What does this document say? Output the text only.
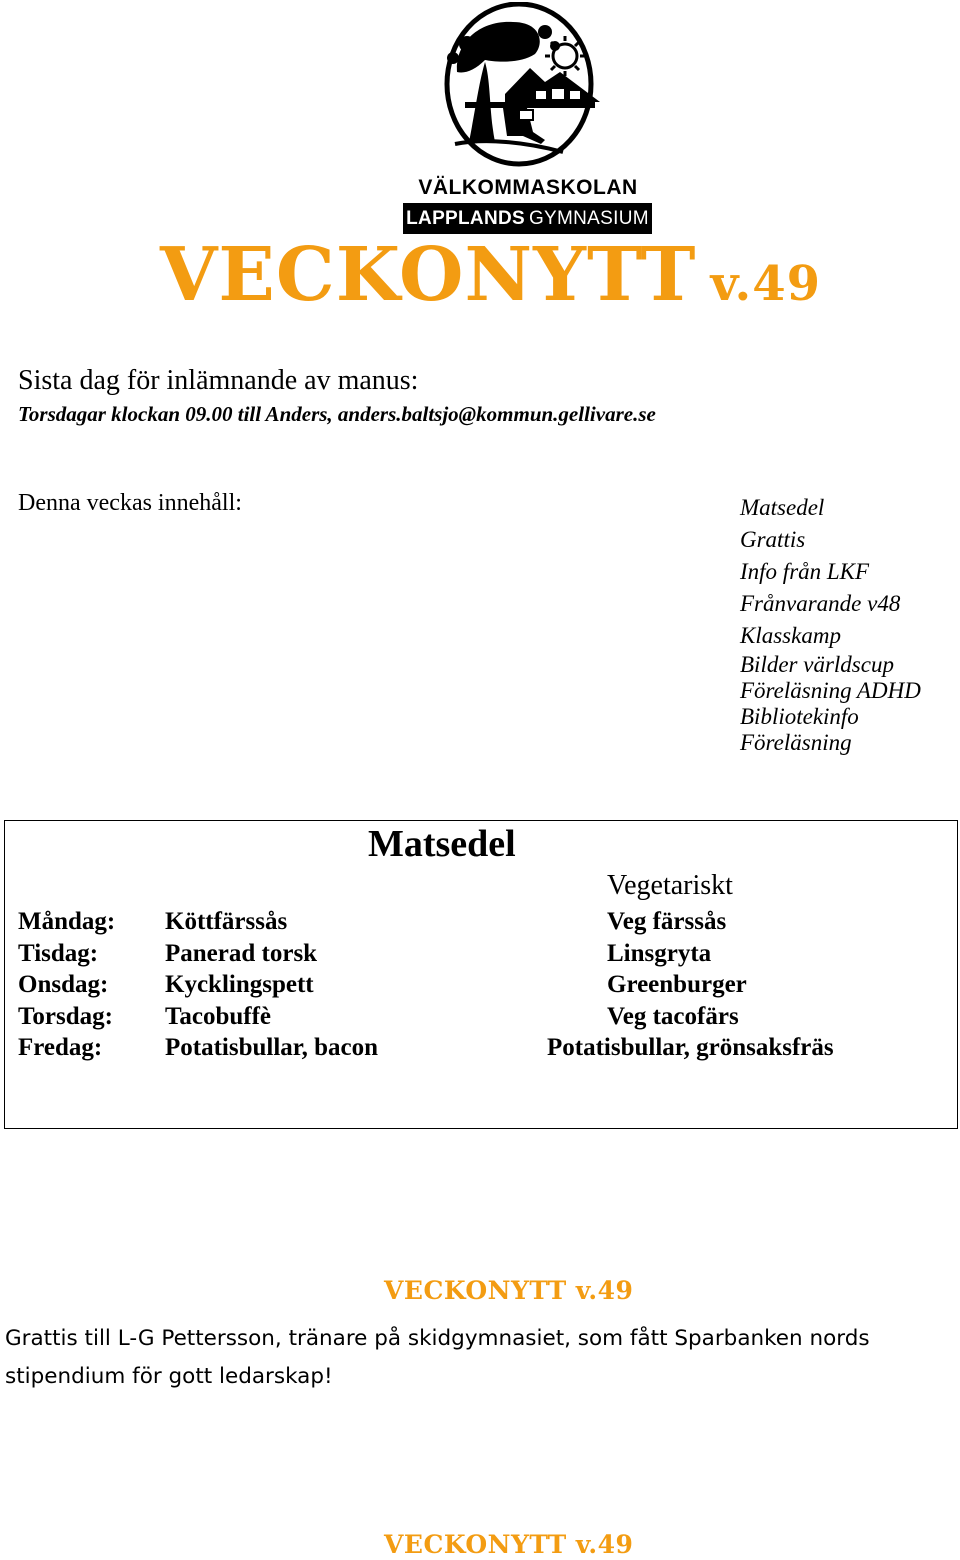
VÄLKOMMASKOLAN
LAPPLANDS GYMNASIUM
VECKONYTT v.49
Sista dag för inlämnande av manus:
Torsdagar klockan 09.00 till Anders, anders.baltsjo@kommun.gellivare.se
Denna veckas innehåll:	Matsedel
Grattis
Info från LKF
Frånvarande v48
Klasskamp
Bilder världscup
Föreläsning ADHD
Bibliotekinfo
Föreläsning
Matsedel
Vegetariskt
Måndag: Köttfärssås	Veg färssås
Tisdag:	Panerad torsk	Linsgryta
Onsdag: Kycklingspett	Greenburger
Torsdag: Tacobuffè	Veg tacofärs
Fredag:	Potatisbullar, bacon	Potatisbullar, grönsaksfräs
VECKONYTT v.49
Grattis till L-G Pettersson, tränare på skidgymnasiet, som fått Sparbanken nords stipendium för gott ledarskap!
VECKONYTT v.49
